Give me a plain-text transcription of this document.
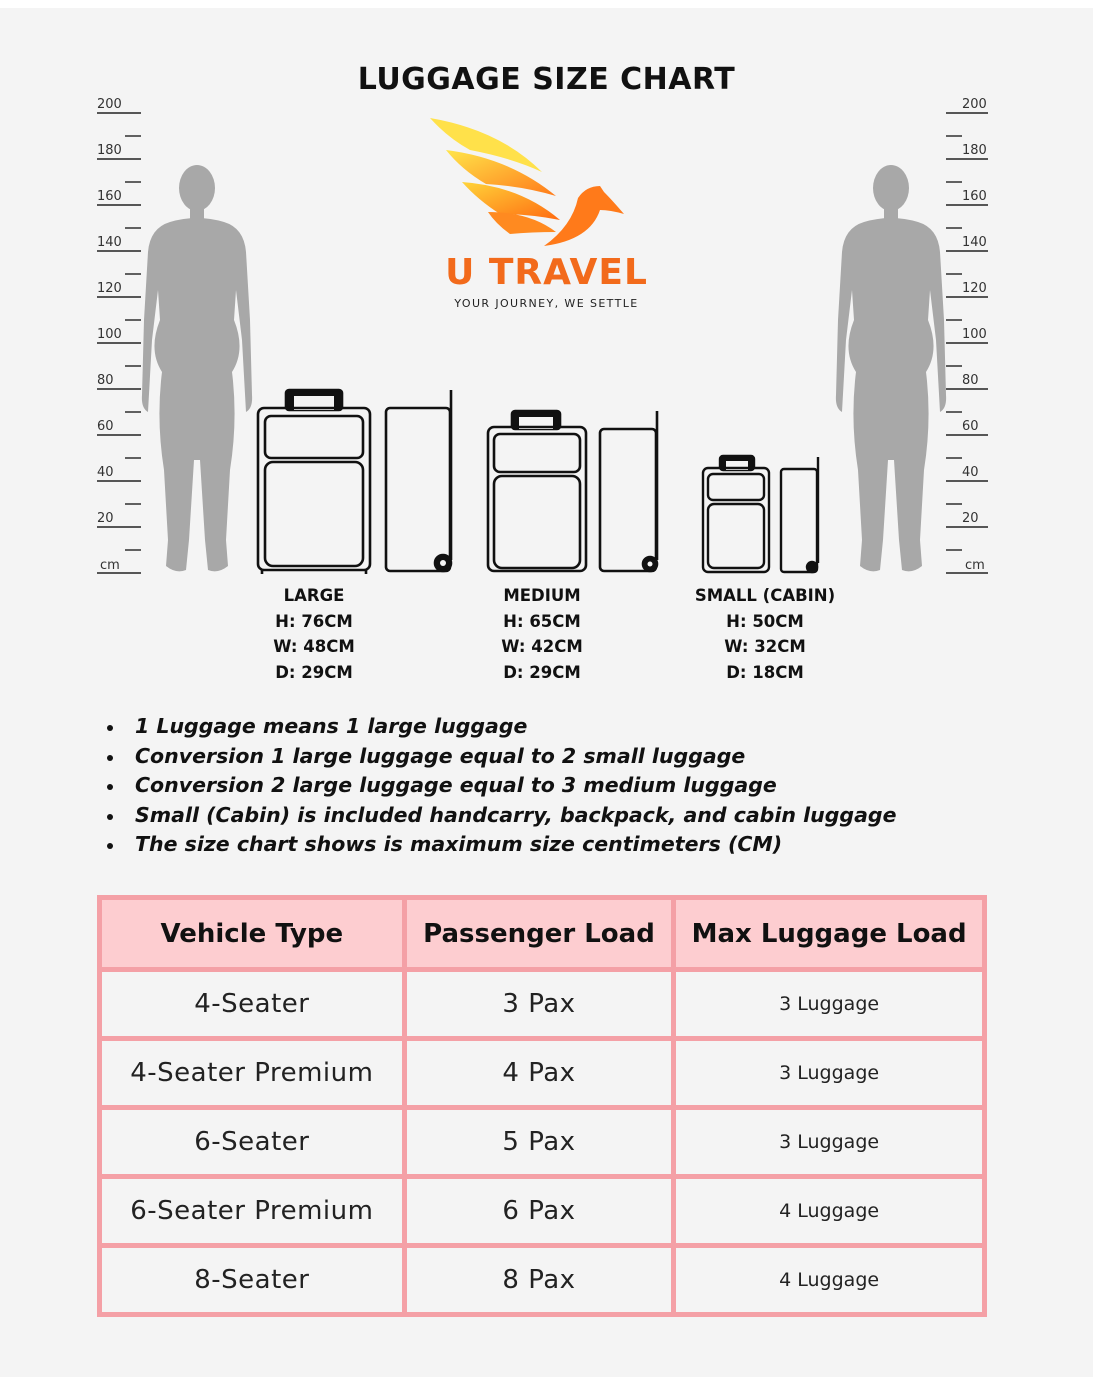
200
180
160
140
120
100
80
60
40
20
cm
200
180
160
140
120
100
80
60
40
20
cm
LUGGAGE SIZE CHART
U TRAVEL
YOUR JOURNEY, WE SETTLE
LARGE
H: 76CM
W: 48CM
D: 29CM
MEDIUM
H: 65CM
W: 42CM
D: 29CM
SMALL (CABIN)
H: 50CM
W: 32CM
D: 18CM
1 Luggage means 1 large luggage
Conversion 1 large luggage equal to 2 small luggage
Conversion 2 large luggage equal to 3 medium luggage
Small (Cabin) is included handcarry, backpack, and cabin luggage
The size chart shows is maximum size centimeters (CM)
Vehicle Type	Passenger Load	Max Luggage Load
4-Seater	3 Pax	3 Luggage
4-Seater Premium	4 Pax	3 Luggage
6-Seater	5 Pax	3 Luggage
6-Seater Premium	6 Pax	4 Luggage
8-Seater	8 Pax	4 Luggage
